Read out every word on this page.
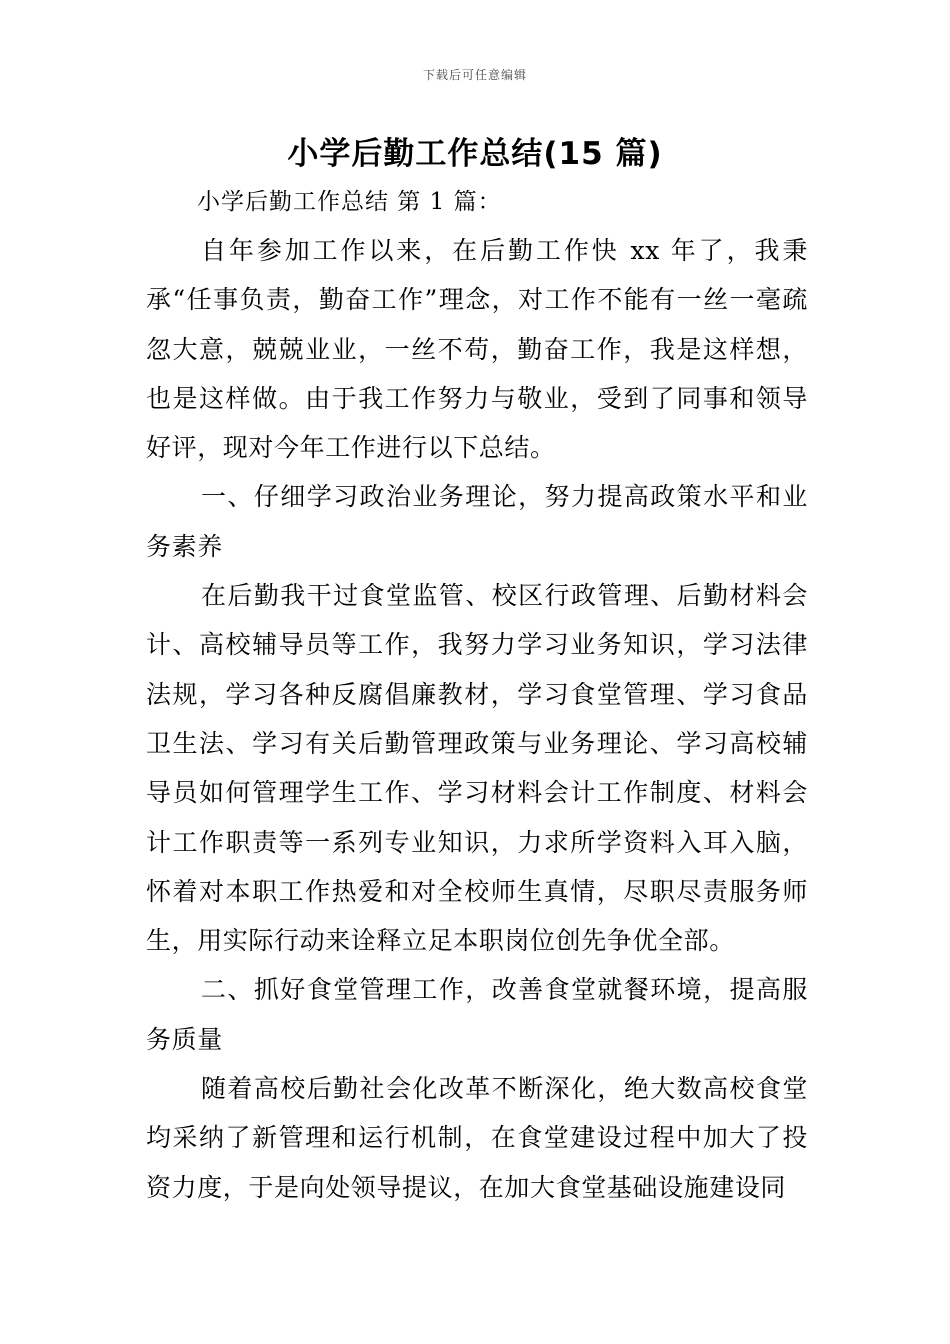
下载后可任意编辑
小学后勤工作总结(15 篇)
小学后勤工作总结 第 1 篇：

自年参加工作以来，在后勤工作快 xx 年了，我秉承“任事负责，勤奋工作”理念，对工作不能有一丝一毫疏忽大意，兢兢业业，一丝不苟，勤奋工作，我是这样想，也是这样做。由于我工作努力与敬业，受到了同事和领导好评，现对今年工作进行以下总结。

一、仔细学习政治业务理论，努力提高政策水平和业务素养

在后勤我干过食堂监管、校区行政管理、后勤材料会计、高校辅导员等工作，我努力学习业务知识，学习法律法规，学习各种反腐倡廉教材，学习食堂管理、学习食品卫生法、学习有关后勤管理政策与业务理论、学习高校辅导员如何管理学生工作、学习材料会计工作制度、材料会计工作职责等一系列专业知识，力求所学资料入耳入脑，怀着对本职工作热爱和对全校师生真情，尽职尽责服务师生，用实际行动来诠释立足本职岗位创先争优全部。

二、抓好食堂管理工作，改善食堂就餐环境，提高服务质量

随着高校后勤社会化改革不断深化，绝大数高校食堂均采纳了新管理和运行机制，在食堂建设过程中加大了投资力度，于是向处领导提议，在加大食堂基础设施建设同
